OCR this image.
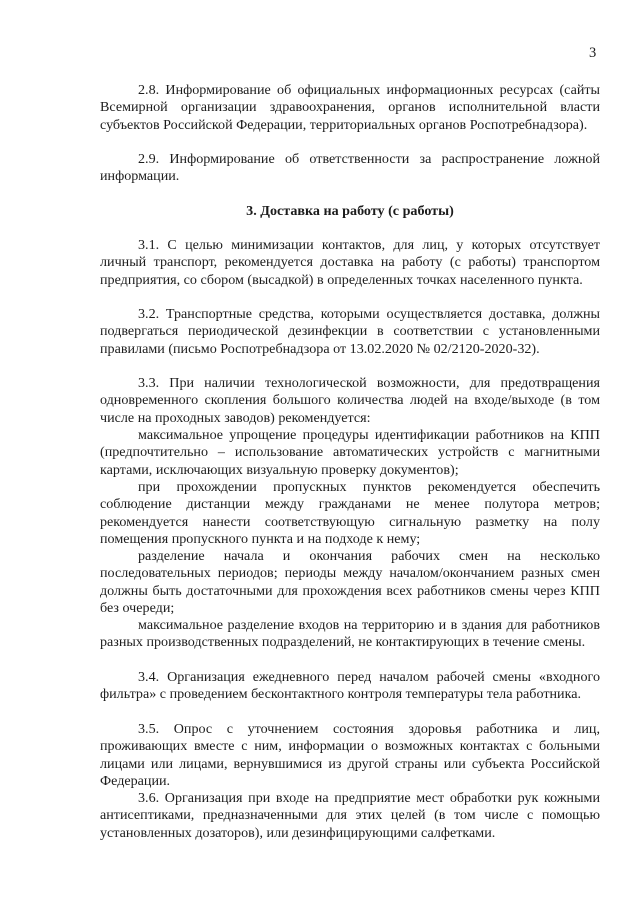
3

2.8. Информирование об официальных информационных ресурсах (сайты Всемирной организации здравоохранения, органов исполнительной власти субъектов Российской Федерации, территориальных органов Роспотребнадзора).

2.9. Информирование об ответственности за распространение ложной информации.

3. Доставка на работу (с работы)

3.1. С целью минимизации контактов, для лиц, у которых отсутствует личный транспорт, рекомендуется доставка на работу (с работы) транспортом предприятия, со сбором (высадкой) в определенных точках населенного пункта.

3.2. Транспортные средства, которыми осуществляется доставка, должны подвергаться периодической дезинфекции в соответствии с установленными правилами (письмо Роспотребнадзора от 13.02.2020 № 02/2120-2020-32).

3.3. При наличии технологической возможности, для предотвращения одновременного скопления большого количества людей на входе/выходе (в том числе на проходных заводов) рекомендуется:

максимальное упрощение процедуры идентификации работников на КПП (предпочтительно – использование автоматических устройств с магнитными картами, исключающих визуальную проверку документов);

при прохождении пропускных пунктов рекомендуется обеспечить соблюдение дистанции между гражданами не менее полутора метров; рекомендуется нанести соответствующую сигнальную разметку на полу помещения пропускного пункта и на подходе к нему;

разделение начала и окончания рабочих смен на несколько последовательных периодов; периоды между началом/окончанием разных смен должны быть достаточными для прохождения всех работников смены через КПП без очереди;

максимальное разделение входов на территорию и в здания для работников разных производственных подразделений, не контактирующих в течение смены.

3.4. Организация ежедневного перед началом рабочей смены «входного фильтра» с проведением бесконтактного контроля температуры тела работника.

3.5. Опрос с уточнением состояния здоровья работника и лиц, проживающих вместе с ним, информации о возможных контактах с больными лицами или лицами, вернувшимися из другой страны или субъекта Российской Федерации.

3.6. Организация при входе на предприятие мест обработки рук кожными антисептиками, предназначенными для этих целей (в том числе с помощью установленных дозаторов), или дезинфицирующими салфетками.
